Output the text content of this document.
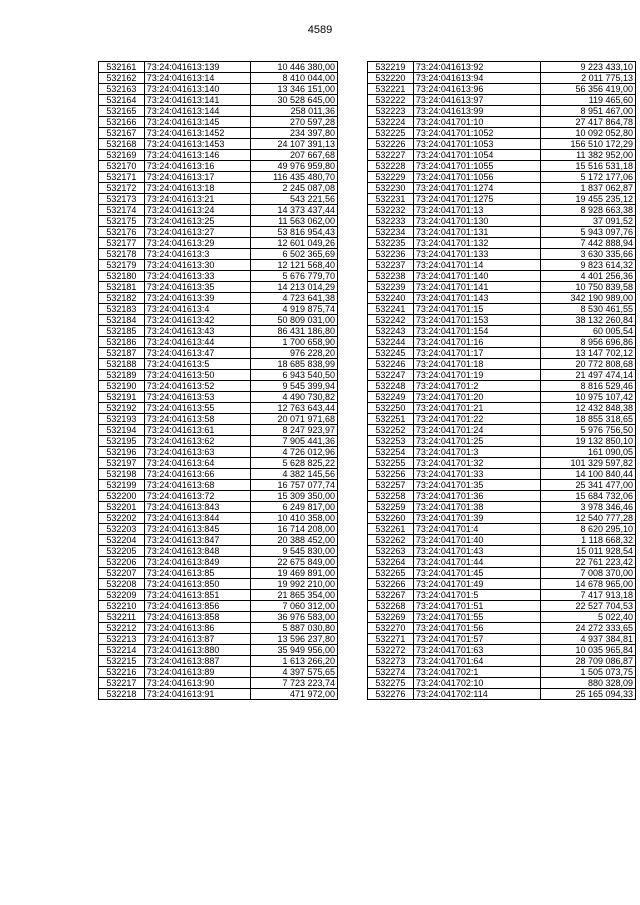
4589
532161	73:24:041613:139	10 446 380,00
532162	73:24:041613:14	8 410 044,00
532163	73:24:041613:140	13 346 151,00
532164	73:24:041613:141	30 528 645,00
532165	73:24:041613:144	258 011,36
532166	73:24:041613:145	270 597,28
532167	73:24:041613:1452	234 397,80
532168	73:24:041613:1453	24 107 391,13
532169	73:24:041613:146	207 667,68
532170	73:24:041613:16	49 976 959,80
532171	73:24:041613:17	116 435 480,70
532172	73:24:041613:18	2 245 087,08
532173	73:24:041613:21	543 221,56
532174	73:24:041613:24	14 373 437,44
532175	73:24:041613:25	11 563 062,00
532176	73:24:041613:27	53 816 954,43
532177	73:24:041613:29	12 601 049,26
532178	73:24:041613:3	6 502 365,69
532179	73:24:041613:30	12 121 568,40
532180	73:24:041613:33	5 676 779,70
532181	73:24:041613:35	14 213 014,29
532182	73:24:041613:39	4 723 641,38
532183	73:24:041613:4	4 919 875,74
532184	73:24:041613:42	50 809 031,00
532185	73:24:041613:43	86 431 186,80
532186	73:24:041613:44	1 700 658,90
532187	73:24:041613:47	976 228,20
532188	73:24:041613:5	18 685 838,99
532189	73:24:041613:50	6 943 540,50
532190	73:24:041613:52	9 545 399,94
532191	73:24:041613:53	4 490 730,82
532192	73:24:041613:55	12 763 643,44
532193	73:24:041613:58	20 071 971,68
532194	73:24:041613:61	8 247 923,97
532195	73:24:041613:62	7 905 441,36
532196	73:24:041613:63	4 726 012,96
532197	73:24:041613:64	5 628 825,22
532198	73:24:041613:66	4 382 145,56
532199	73:24:041613:68	16 757 077,74
532200	73:24:041613:72	15 309 350,00
532201	73:24:041613:843	6 249 817,00
532202	73:24:041613:844	10 410 358,00
532203	73:24:041613:845	16 714 208,00
532204	73:24:041613:847	20 388 452,00
532205	73:24:041613:848	9 545 830,00
532206	73:24:041613:849	22 675 849,00
532207	73:24:041613:85	19 469 891,00
532208	73:24:041613:850	19 992 210,00
532209	73:24:041613:851	21 865 354,00
532210	73:24:041613:856	7 060 312,00
532211	73:24:041613:858	36 976 583,00
532212	73:24:041613:86	5 887 030,80
532213	73:24:041613:87	13 596 237,80
532214	73:24:041613:880	35 949 956,00
532215	73:24:041613:887	1 613 266,20
532216	73:24:041613:89	4 397 575,65
532217	73:24:041613:90	7 723 223,74
532218	73:24:041613:91	471 972,00
532219	73:24:041613:92	9 223 433,10
532220	73:24:041613:94	2 011 775,13
532221	73:24:041613:96	56 356 419,00
532222	73:24:041613:97	119 465,60
532223	73:24:041613:99	8 951 467,00
532224	73:24:041701:10	27 417 864,78
532225	73:24:041701:1052	10 092 052,80
532226	73:24:041701:1053	156 510 172,29
532227	73:24:041701:1054	11 382 952,00
532228	73:24:041701:1055	15 516 531,18
532229	73:24:041701:1056	5 172 177,06
532230	73:24:041701:1274	1 837 062,87
532231	73:24:041701:1275	19 455 235,12
532232	73:24:041701:13	8 928 663,38
532233	73:24:041701:130	37 091,52
532234	73:24:041701:131	5 943 097,76
532235	73:24:041701:132	7 442 888,94
532236	73:24:041701:133	3 630 335,66
532237	73:24:041701:14	9 823 614,32
532238	73:24:041701:140	4 401 256,36
532239	73:24:041701:141	10 750 839,58
532240	73:24:041701:143	342 190 989,00
532241	73:24:041701:15	8 530 461,55
532242	73:24:041701:153	38 132 260,84
532243	73:24:041701:154	60 005,54
532244	73:24:041701:16	8 956 696,86
532245	73:24:041701:17	13 147 702,12
532246	73:24:041701:18	20 772 808,68
532247	73:24:041701:19	21 497 474,14
532248	73:24:041701:2	8 816 529,46
532249	73:24:041701:20	10 975 107,42
532250	73:24:041701:21	12 432 848,38
532251	73:24:041701:22	18 855 318,65
532252	73:24:041701:24	5 976 756,50
532253	73:24:041701:25	19 132 850,10
532254	73:24:041701:3	161 090,05
532255	73:24:041701:32	101 329 597,82
532256	73:24:041701:33	14 100 840,44
532257	73:24:041701:35	25 341 477,00
532258	73:24:041701:36	15 684 732,06
532259	73:24:041701:38	3 978 346,46
532260	73:24:041701:39	12 540 777,28
532261	73:24:041701:4	8 620 295,10
532262	73:24:041701:40	1 118 668,32
532263	73:24:041701:43	15 011 928,54
532264	73:24:041701:44	22 761 223,42
532265	73:24:041701:45	7 008 370,00
532266	73:24:041701:49	14 678 965,00
532267	73:24:041701:5	7 417 913,18
532268	73:24:041701:51	22 527 704,53
532269	73:24:041701:55	5 022,40
532270	73:24:041701:56	24 272 333,65
532271	73:24:041701:57	4 937 384,81
532272	73:24:041701:63	10 035 965,84
532273	73:24:041701:64	28 709 086,87
532274	73:24:041702:1	1 505 073,75
532275	73:24:041702:10	880 328,09
532276	73:24:041702:114	25 165 094,33
